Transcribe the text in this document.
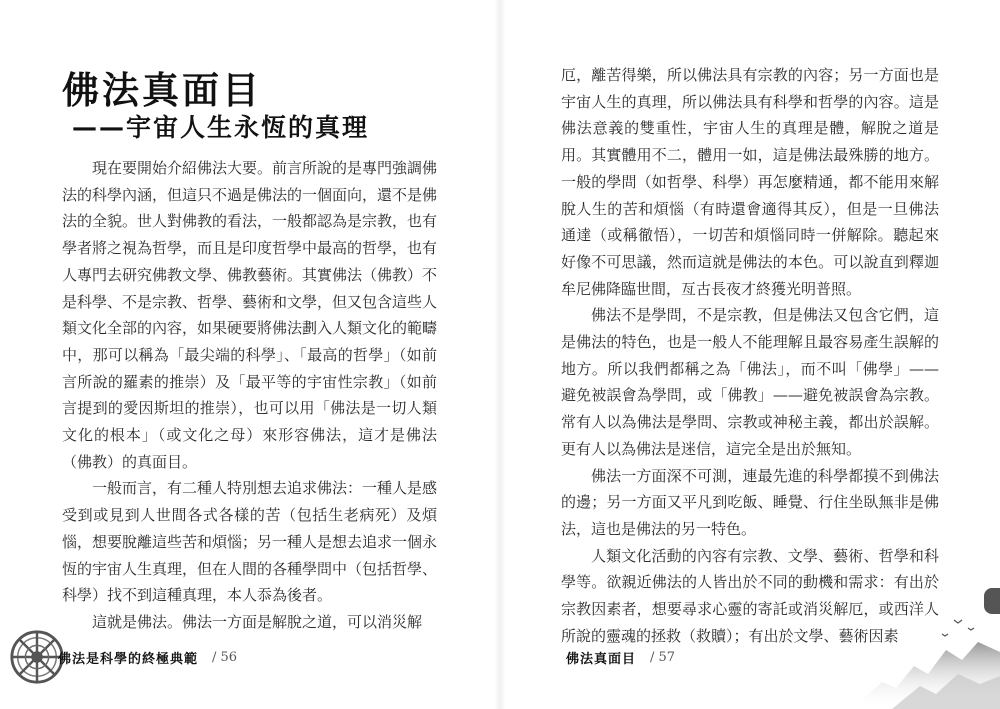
佛法真面目
——宇宙人生永恆的真理

現在要開始介紹佛法大要。前言所說的是專門強調佛法的科學內涵，但這只不過是佛法的一個面向，還不是佛法的全貌。世人對佛教的看法，一般都認為是宗教，也有學者將之視為哲學，而且是印度哲學中最高的哲學，也有人專門去研究佛教文學、佛教藝術。其實佛法（佛教）不是科學、不是宗教、哲學、藝術和文學，但又包含這些人類文化全部的內容，如果硬要將佛法劃入人類文化的範疇中，那可以稱為「最尖端的科學」、「最高的哲學」（如前言所說的羅素的推崇）及「最平等的宇宙性宗教」（如前言提到的愛因斯坦的推崇），也可以用「佛法是一切人類文化的根本」（或文化之母）來形容佛法，這才是佛法（佛教）的真面目。

一般而言，有二種人特別想去追求佛法：一種人是感受到或見到人世間各式各樣的苦（包括生老病死）及煩惱，想要脫離這些苦和煩惱；另一種人是想去追求一個永恆的宇宙人生真理，但在人間的各種學問中（包括哲學、科學）找不到這種真理，本人忝為後者。

這就是佛法。佛法一方面是解脫之道，可以消災解

佛法是科學的終極典範 / 56

厄，離苦得樂，所以佛法具有宗教的內容；另一方面也是宇宙人生的真理，所以佛法具有科學和哲學的內容。這是佛法意義的雙重性，宇宙人生的真理是體，解脫之道是用。其實體用不二，體用一如，這是佛法最殊勝的地方。一般的學問（如哲學、科學）再怎麼精通，都不能用來解脫人生的苦和煩惱（有時還會適得其反），但是一旦佛法通達（或稱徹悟），一切苦和煩惱同時一併解除。聽起來好像不可思議，然而這就是佛法的本色。可以說直到釋迦牟尼佛降臨世間，亙古長夜才終獲光明普照。

佛法不是學問，不是宗教，但是佛法又包含它們，這是佛法的特色，也是一般人不能理解且最容易產生誤解的地方。所以我們都稱之為「佛法」，而不叫「佛學」——避免被誤會為學問，或「佛教」——避免被誤會為宗教。常有人以為佛法是學問、宗教或神秘主義，都出於誤解。更有人以為佛法是迷信，這完全是出於無知。

佛法一方面深不可測，連最先進的科學都摸不到佛法的邊；另一方面又平凡到吃飯、睡覺、行住坐臥無非是佛法，這也是佛法的另一特色。

人類文化活動的內容有宗教、文學、藝術、哲學和科學等。欲親近佛法的人皆出於不同的動機和需求：有出於宗教因素者，想要尋求心靈的寄託或消災解厄，或西洋人所說的靈魂的拯救（救贖）；有出於文學、藝術因素

佛法真面目 / 57
